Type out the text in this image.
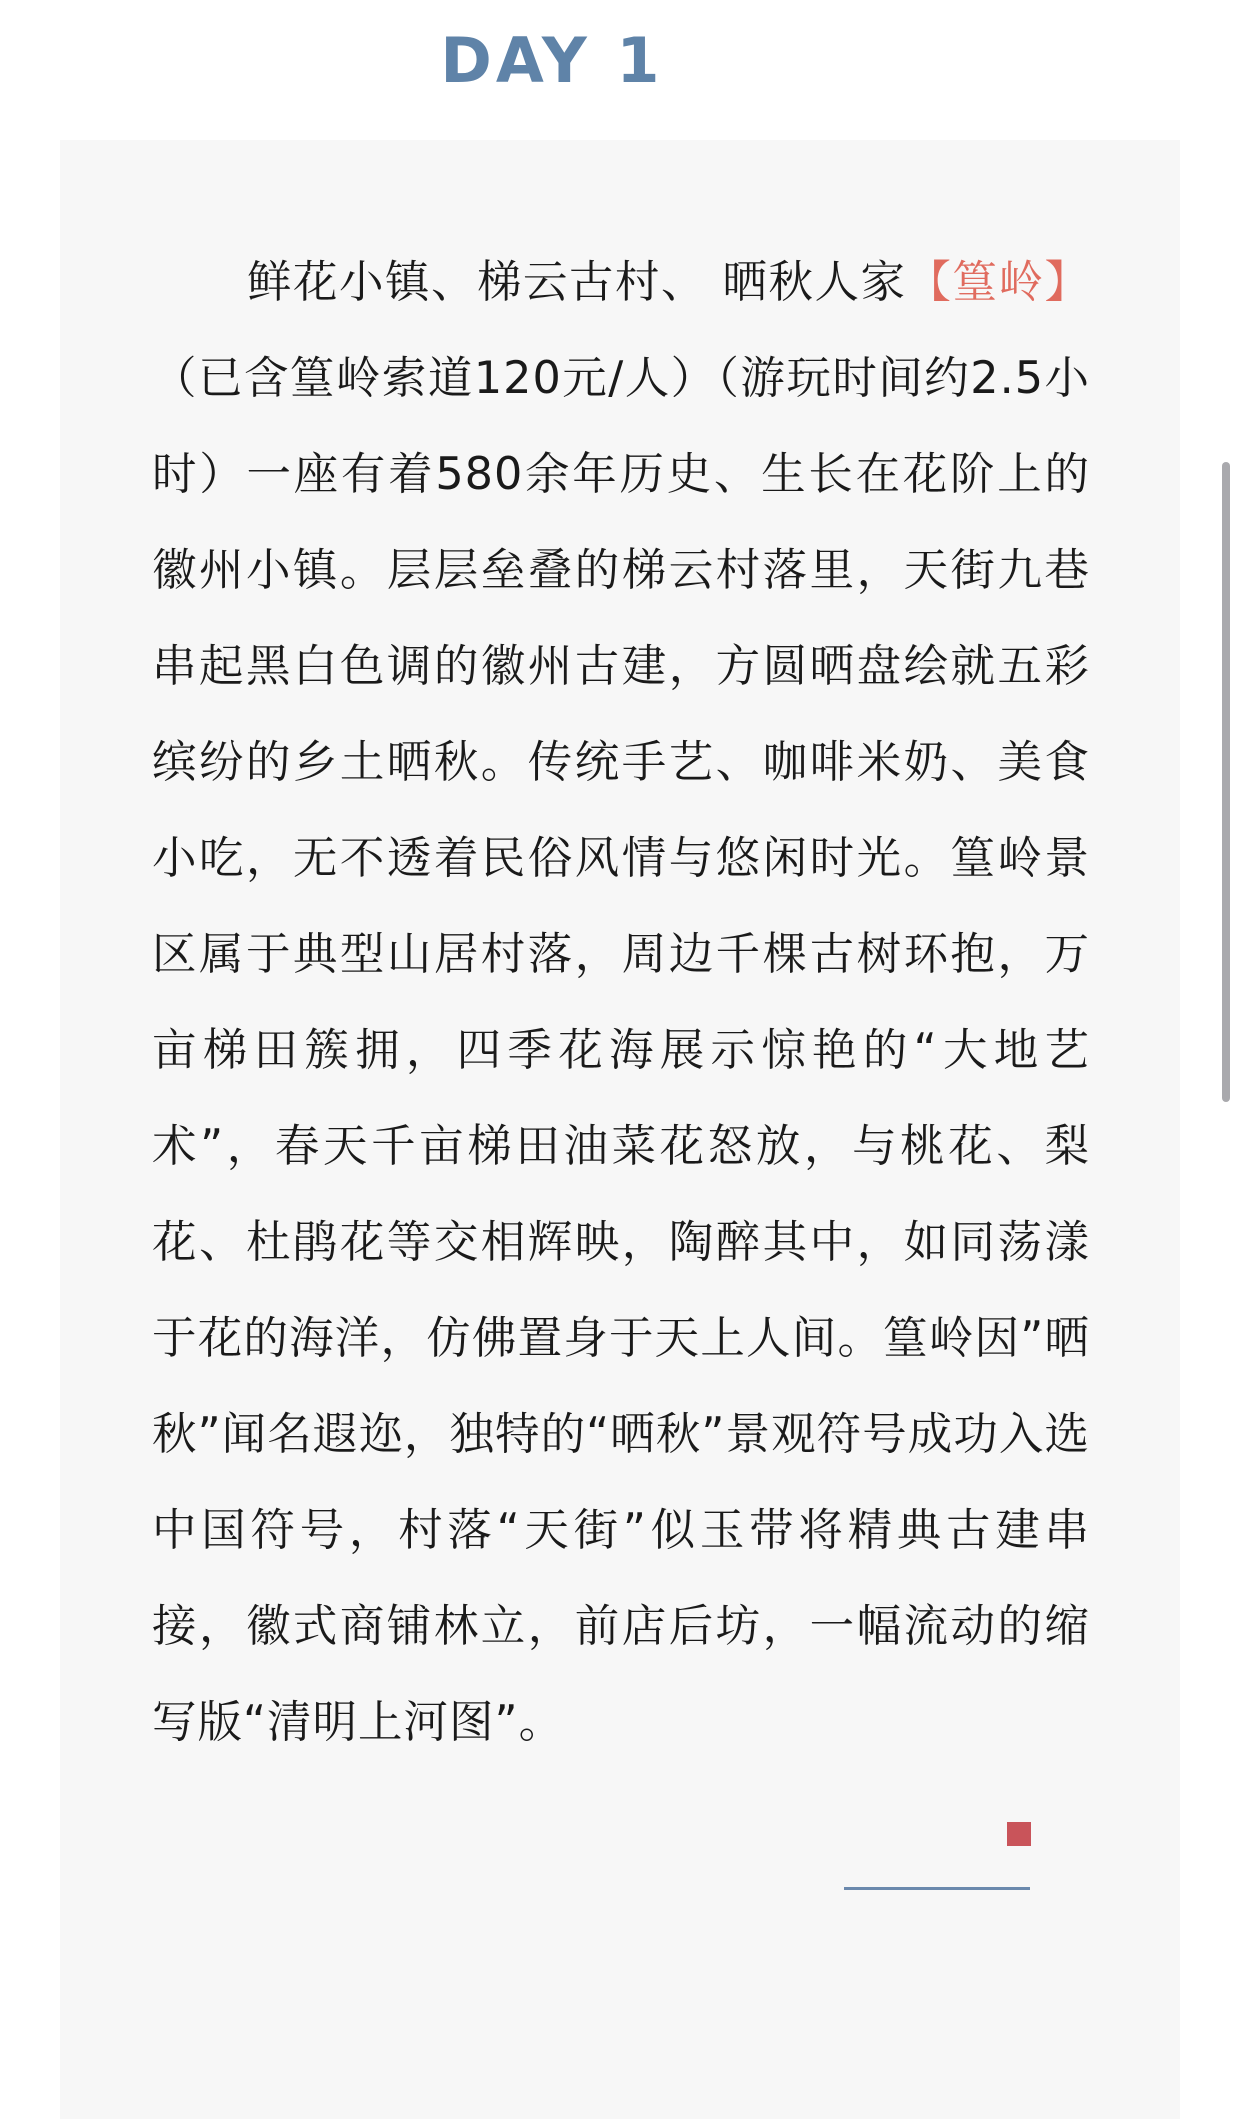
DAY 1
鲜花小镇、梯云古村、 晒秋人家【篁岭】（已含篁岭索道120元/人）（游玩时间约2.5小时）一座有着580余年历史、生长在花阶上的徽州小镇。层层垒叠的梯云村落里，天街九巷串起黑白色调的徽州古建，方圆晒盘绘就五彩缤纷的乡土晒秋。传统手艺、咖啡米奶、美食小吃，无不透着民俗风情与悠闲时光。篁岭景区属于典型山居村落，周边千棵古树环抱，万亩梯田簇拥，四季花海展示惊艳的“大地艺术”，春天千亩梯田油菜花怒放，与桃花、梨花、杜鹃花等交相辉映，陶醉其中，如同荡漾于花的海洋，仿佛置身于天上人间。篁岭因”晒秋”闻名遐迩，独特的“晒秋”景观符号成功入选中国符号，村落“天街”似玉带将精典古建串接，徽式商铺林立，前店后坊，一幅流动的缩写版“清明上河图”。
